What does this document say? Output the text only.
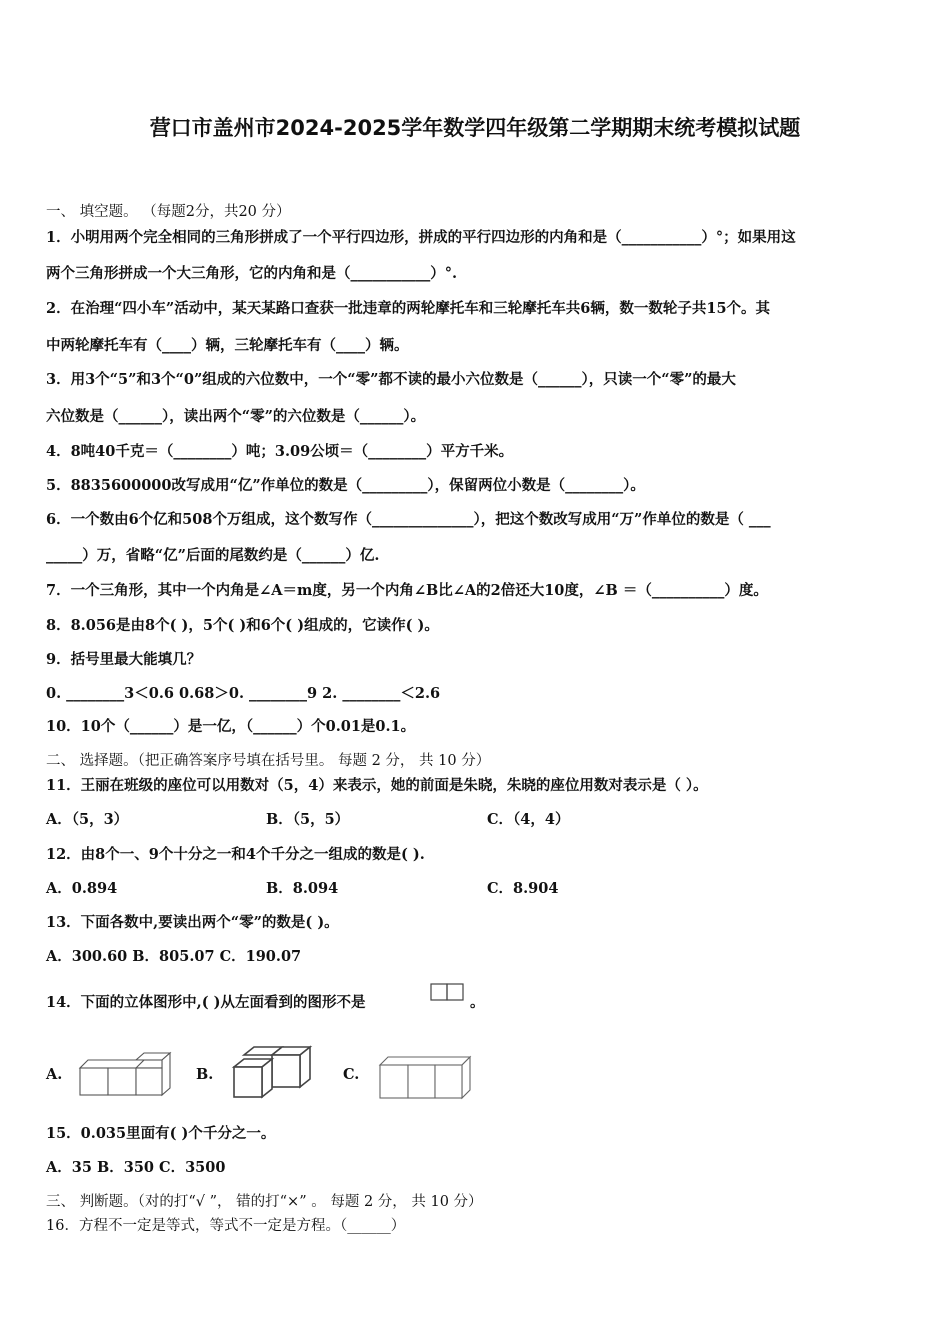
营口市盖州市2024-2025学年数学四年级第二学期期末统考模拟试题
一、 填空题。 （每题2分，共20 分）
1．小明用两个完全相同的三角形拼成了一个平行四边形，拼成的平行四边形的内角和是（___________）°；如果用这
两个三角形拼成一个大三角形，它的内角和是（___________）°.
2．在治理“四小车”活动中，某天某路口查获一批违章的两轮摩托车和三轮摩托车共6辆，数一数轮子共15个。其
中两轮摩托车有（____）辆，三轮摩托车有（____）辆。
3．用3个“5”和3个“0”组成的六位数中，一个“零”都不读的最小六位数是（______），只读一个“零”的最大
六位数是（______），读出两个“零”的六位数是（______）。
4．8吨40千克＝（________）吨；3.09公顷＝（________）平方千米。
5．8835600000改写成用“亿”作单位的数是（_________），保留两位小数是（________）。
6．一个数由6个亿和508个万组成，这个数写作（______________），把这个数改写成用“万”作单位的数是（ ___
_____）万，省略“亿”后面的尾数约是（______）亿.
7．一个三角形，其中一个内角是∠A＝m度，另一个内角∠B比∠A的2倍还大10度，∠B ＝（__________）度。
8．8.056是由8个( )，5个( )和6个( )组成的，它读作( )。
9．括号里最大能填几？
0. ________3＜0.6 0.68＞0. ________9 2. ________＜2.6
10．10个（______）是一亿，（______）个0.01是0.1。
二、 选择题。（把正确答案序号填在括号里。 每题 2 分， 共 10 分）
11．王丽在班级的座位可以用数对（5，4）来表示，她的前面是朱晓，朱晓的座位用数对表示是（ ）。
A．（5，3）	B．（5，5）	C．（4，4）
12．由8个一、9个十分之一和4个千分之一组成的数是( ).
A．0.894	B．8.094	C．8.904
13．下面各数中,要读出两个“零”的数是( )。
A．300.60 B．805.07 C．190.07
14．下面的立体图形中,( )从左面看到的图形不是	。
A.	B.	C.
15．0.035里面有( )个千分之一。
A．35 B．350 C．3500
三、 判断题。（对的打“√ ”， 错的打“×” 。 每题 2 分， 共 10 分）
16．方程不一定是等式，等式不一定是方程。（______）
